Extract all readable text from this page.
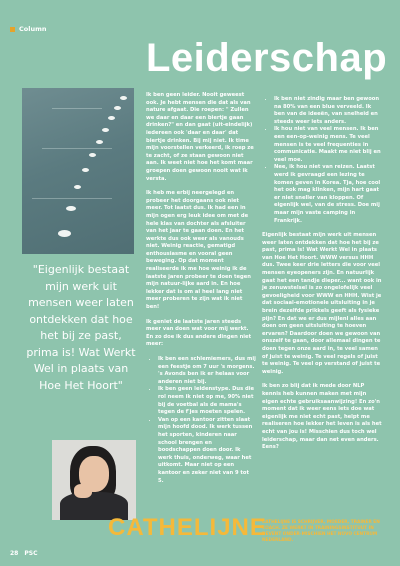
Column
Leiderschap
"Eigenlijk bestaat mijn werk uit mensen weer laten ontdekken dat hoe het bij ze past, prima is! Wat Werkt Wel in plaats van Hoe Het Hoort"

Ik ben geen leider. Nooit geweest ook. Je hebt mensen die dat als van nature afgaat. Die roepen: " Zullen we daar en daar een biertje gaan drinken?" en dan gaat (uit-eindelijk) iedereen ook 'daar en daar' dat biertje drinken. Bij mij niet. Ik time mijn voorstellen verkeerd, ik roep ze te zacht, of ze staan gewoon niet aan. Ik weet niet hoe het komt maar groepen doen gewoon nooit wat ik versta.

Ik heb me erbij neergelegd en probeer het doorgaans ook niet meer. Tot laatst dus. Ik had een in mijn ogen erg leuk idee om met de hele klas van dochter als afsluiter van het jaar te gaan doen. En het werkte dus ook weer als vanouds niet. Weinig reactie, gematigd enthousiasme en vooral geen beweging. Op dat moment realiseerde ik me hoe weinig ik de laatste jaren probeer te doen tegen mijn natuur-lijke aard in. En hoe lekker dat is om al heel lang niet meer proberen te zijn wat ik niet ben!

Ik geniet de laatste jaren steeds meer van doen wat voor mij werkt. En zo doe ik dus andere dingen niet meer:

• Ik ben een schlemiemers, dus mij een feestje om 7 uur 's morgens. 's Avonds ben ik er helaas voor anderen niet bij.
• Ik ben geen leidenstype. Dus die rol neem ik niet op me, 90% niet bij de voetbal als de mama's tegen de f'jes moeten spelen.
• Van op een kantoor zitten slaat mijn hoofd dood. Ik werk tussen het sporten, kinderen naar school brengen en boodschappen doen door. Ik werk thuis, onderweg, waar het uitkomt. Maar niet op een kantoor en zeker niet van 9 tot 5.
• Ik ben niet zindig maar ben gewoon na 80% van een blue verveeld. Ik ben van de ideeën, van snelheid en steeds weer iets anders.
• Ik hou niet van veel mensen. Ik ben een een-op-weinig mens. Te veel mensen is te veel frequenties in communicatie. Maakt me niet blij en veel moe.
• Nee, ik hou niet van reizen. Laatst werd ik gevraagd een lezing te komen geven in Korea. Tja, hoe cool het ook mag klinken, mijn hart gaat er niet sneller van kloppen. Of eigenlijk wel, van de stress. Doe mij maar mijn vaste camping in Frankrijk.

Eigenlijk bestaat mijn werk uit mensen weer laten ontdekken dat hoe het bij ze past, prima is! Wat Werkt Wel in plaats van Hoe Het Hoort. WWW versus HHH dus. Twee keer drie letters die voor veel mensen eyeopeners zijn. En natuurlijk gaat het een tandje dieper... want ook in je zenuwstelsel is zo ongelofelijk veel gevoeligheid voor WWW en HHH. Wist je dat sociaal-emotionele uitsluiting in je brein dezelfde prikkels geeft als fysieke pijn? En dat we er dus mijlenl alles aan doen om geen uitsluiting te hoeven ervaren? Daardoor doen we gewoon van onszelf te gaan, door allemaal dingen te doen tegen onze aard in, te veel samen of juist te weinig. Te veel regels of juist te weinig. Te veel op verstand of juist te weinig.

Ik ben zo blij dat ik mede door NLP kennis heb kunnen maken met mijn eigen echte gebruiksaanwijzing! En zo'n moment dat ik weer eens iets doe wat eigenlijk me niet echt past, helpt me realiseren hoe lekker het leven is als het echt van jou is! Misschien dus toch wel leiderschap, maar dan net even anders. Eens?

CATHELIJNE
CATHELIJNE IS SCHRIJVER, MOEDER, TRAINER EN COACH. ZE WERKT IN TRAININGSINSTITUUT IN DEVENT ONDER-MISCHIEN HET NOVO CENTRUM NEDERLAND.
28 PSC
